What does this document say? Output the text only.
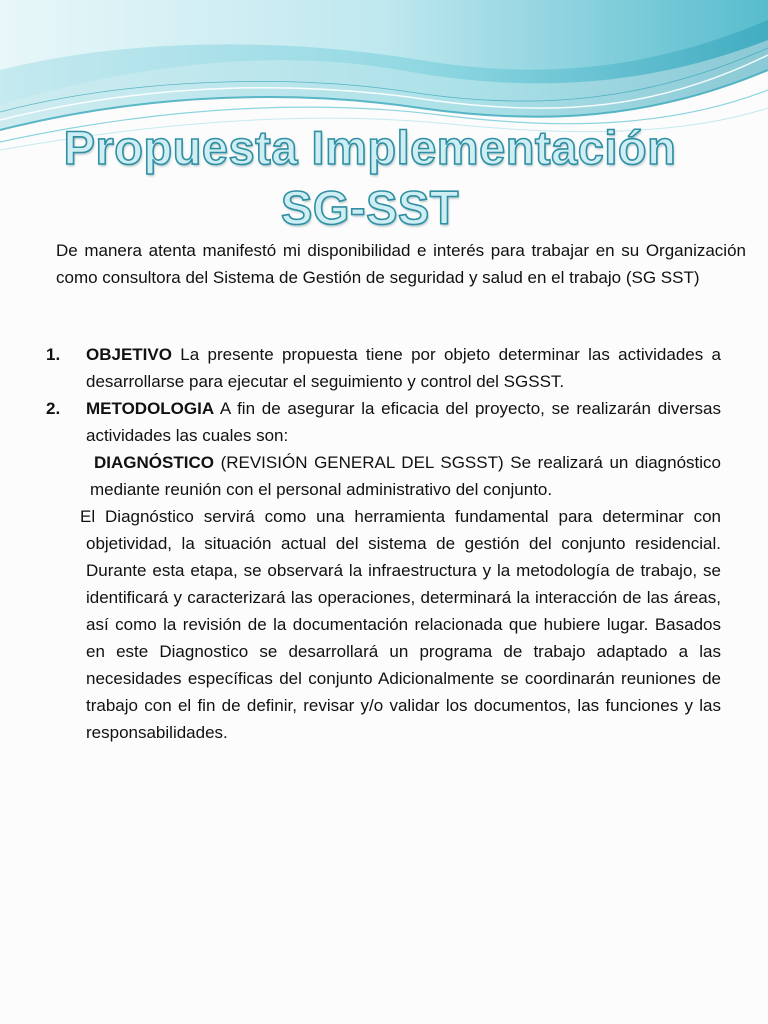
Propuesta Implementación
SG-SST
De manera atenta manifestó mi disponibilidad e interés para trabajar en su Organización como consultora del Sistema de Gestión de seguridad y salud en el trabajo (SG SST)
1. OBJETIVO La presente propuesta tiene por objeto determinar las actividades a desarrollarse para ejecutar el seguimiento y control del SGSST.
2. METODOLOGIA A fin de asegurar la eficacia del proyecto, se realizarán diversas actividades las cuales son:
DIAGNÓSTICO (REVISIÓN GENERAL DEL SGSST) Se realizará un diagnóstico mediante reunión con el personal administrativo del conjunto.
El Diagnóstico servirá como una herramienta fundamental para determinar con objetividad, la situación actual del sistema de gestión del conjunto residencial. Durante esta etapa, se observará la infraestructura y la metodología de trabajo, se identificará y caracterizará las operaciones, determinará la interacción de las áreas, así como la revisión de la documentación relacionada que hubiere lugar. Basados en este Diagnostico se desarrollará un programa de trabajo adaptado a las necesidades específicas del conjunto Adicionalmente se coordinarán reuniones de trabajo con el fin de definir, revisar y/o validar los documentos, las funciones y las responsabilidades.
